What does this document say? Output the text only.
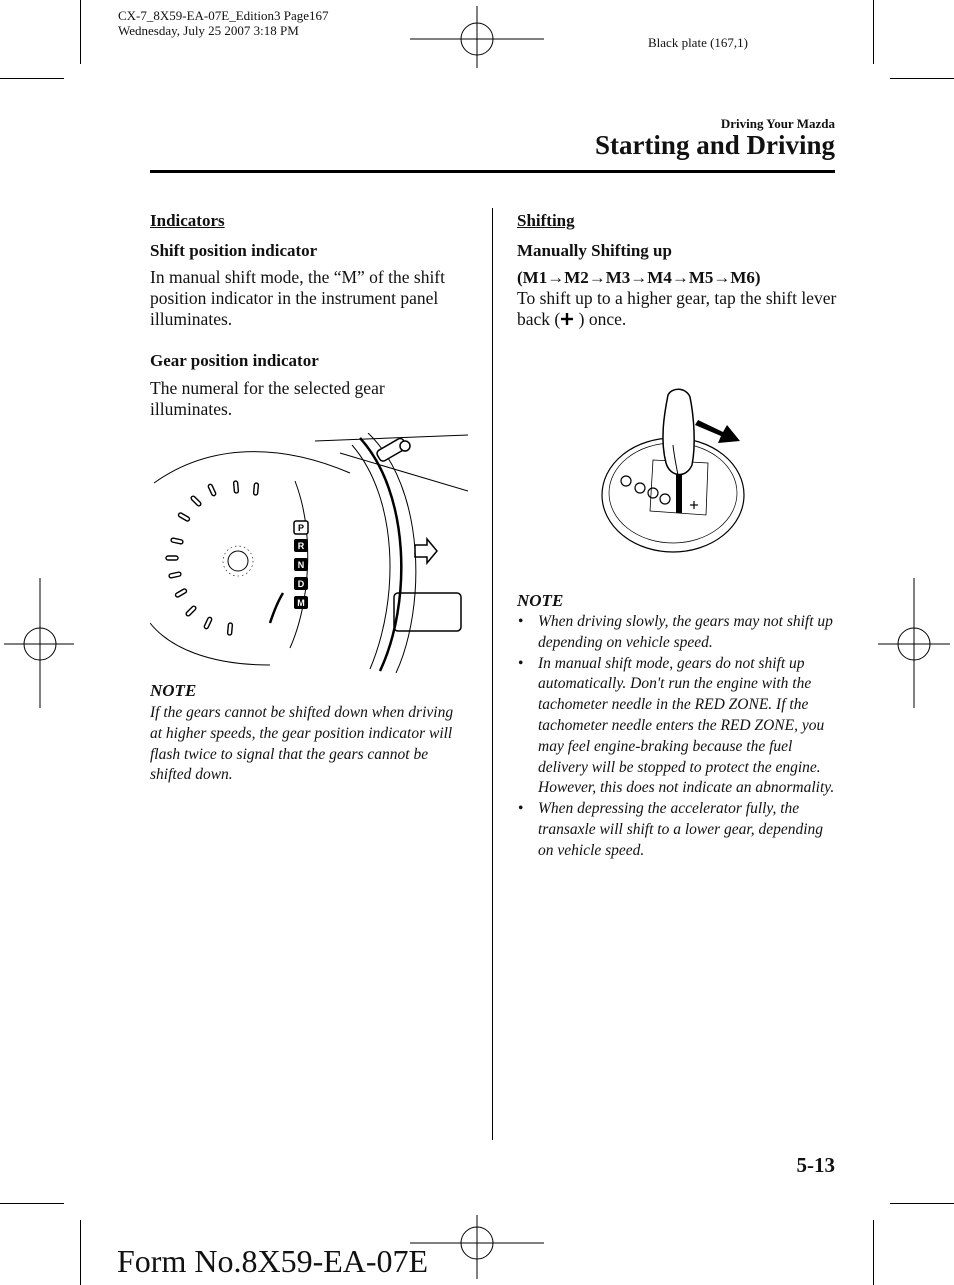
CX-7_8X59-EA-07E_Edition3 Page167
Wednesday, July 25 2007 3:18 PM
Black plate (167,1)
Driving Your Mazda
Starting and Driving
Indicators
Shift position indicator
In manual shift mode, the “M” of the shift position indicator in the instrument panel illuminates.
Gear position indicator
The numeral for the selected gear illuminates.
P
R
N
D
M
NOTE
If the gears cannot be shifted down when driving at higher speeds, the gear position indicator will flash twice to signal that the gears cannot be shifted down.
Shifting
Manually Shifting up
(M1→M2→M3→M4→M5→M6)
To shift up to a higher gear, tap the shift lever back ( ) once.
NOTE
• When driving slowly, the gears may not shift up depending on vehicle speed.
• In manual shift mode, gears do not shift up automatically. Don't run the engine with the tachometer needle in the RED ZONE. If the tachometer needle enters the RED ZONE, you may feel engine-braking because the fuel delivery will be stopped to protect the engine. However, this does not indicate an abnormality.
• When depressing the accelerator fully, the transaxle will shift to a lower gear, depending on vehicle speed.
5-13
Form No.8X59-EA-07E
